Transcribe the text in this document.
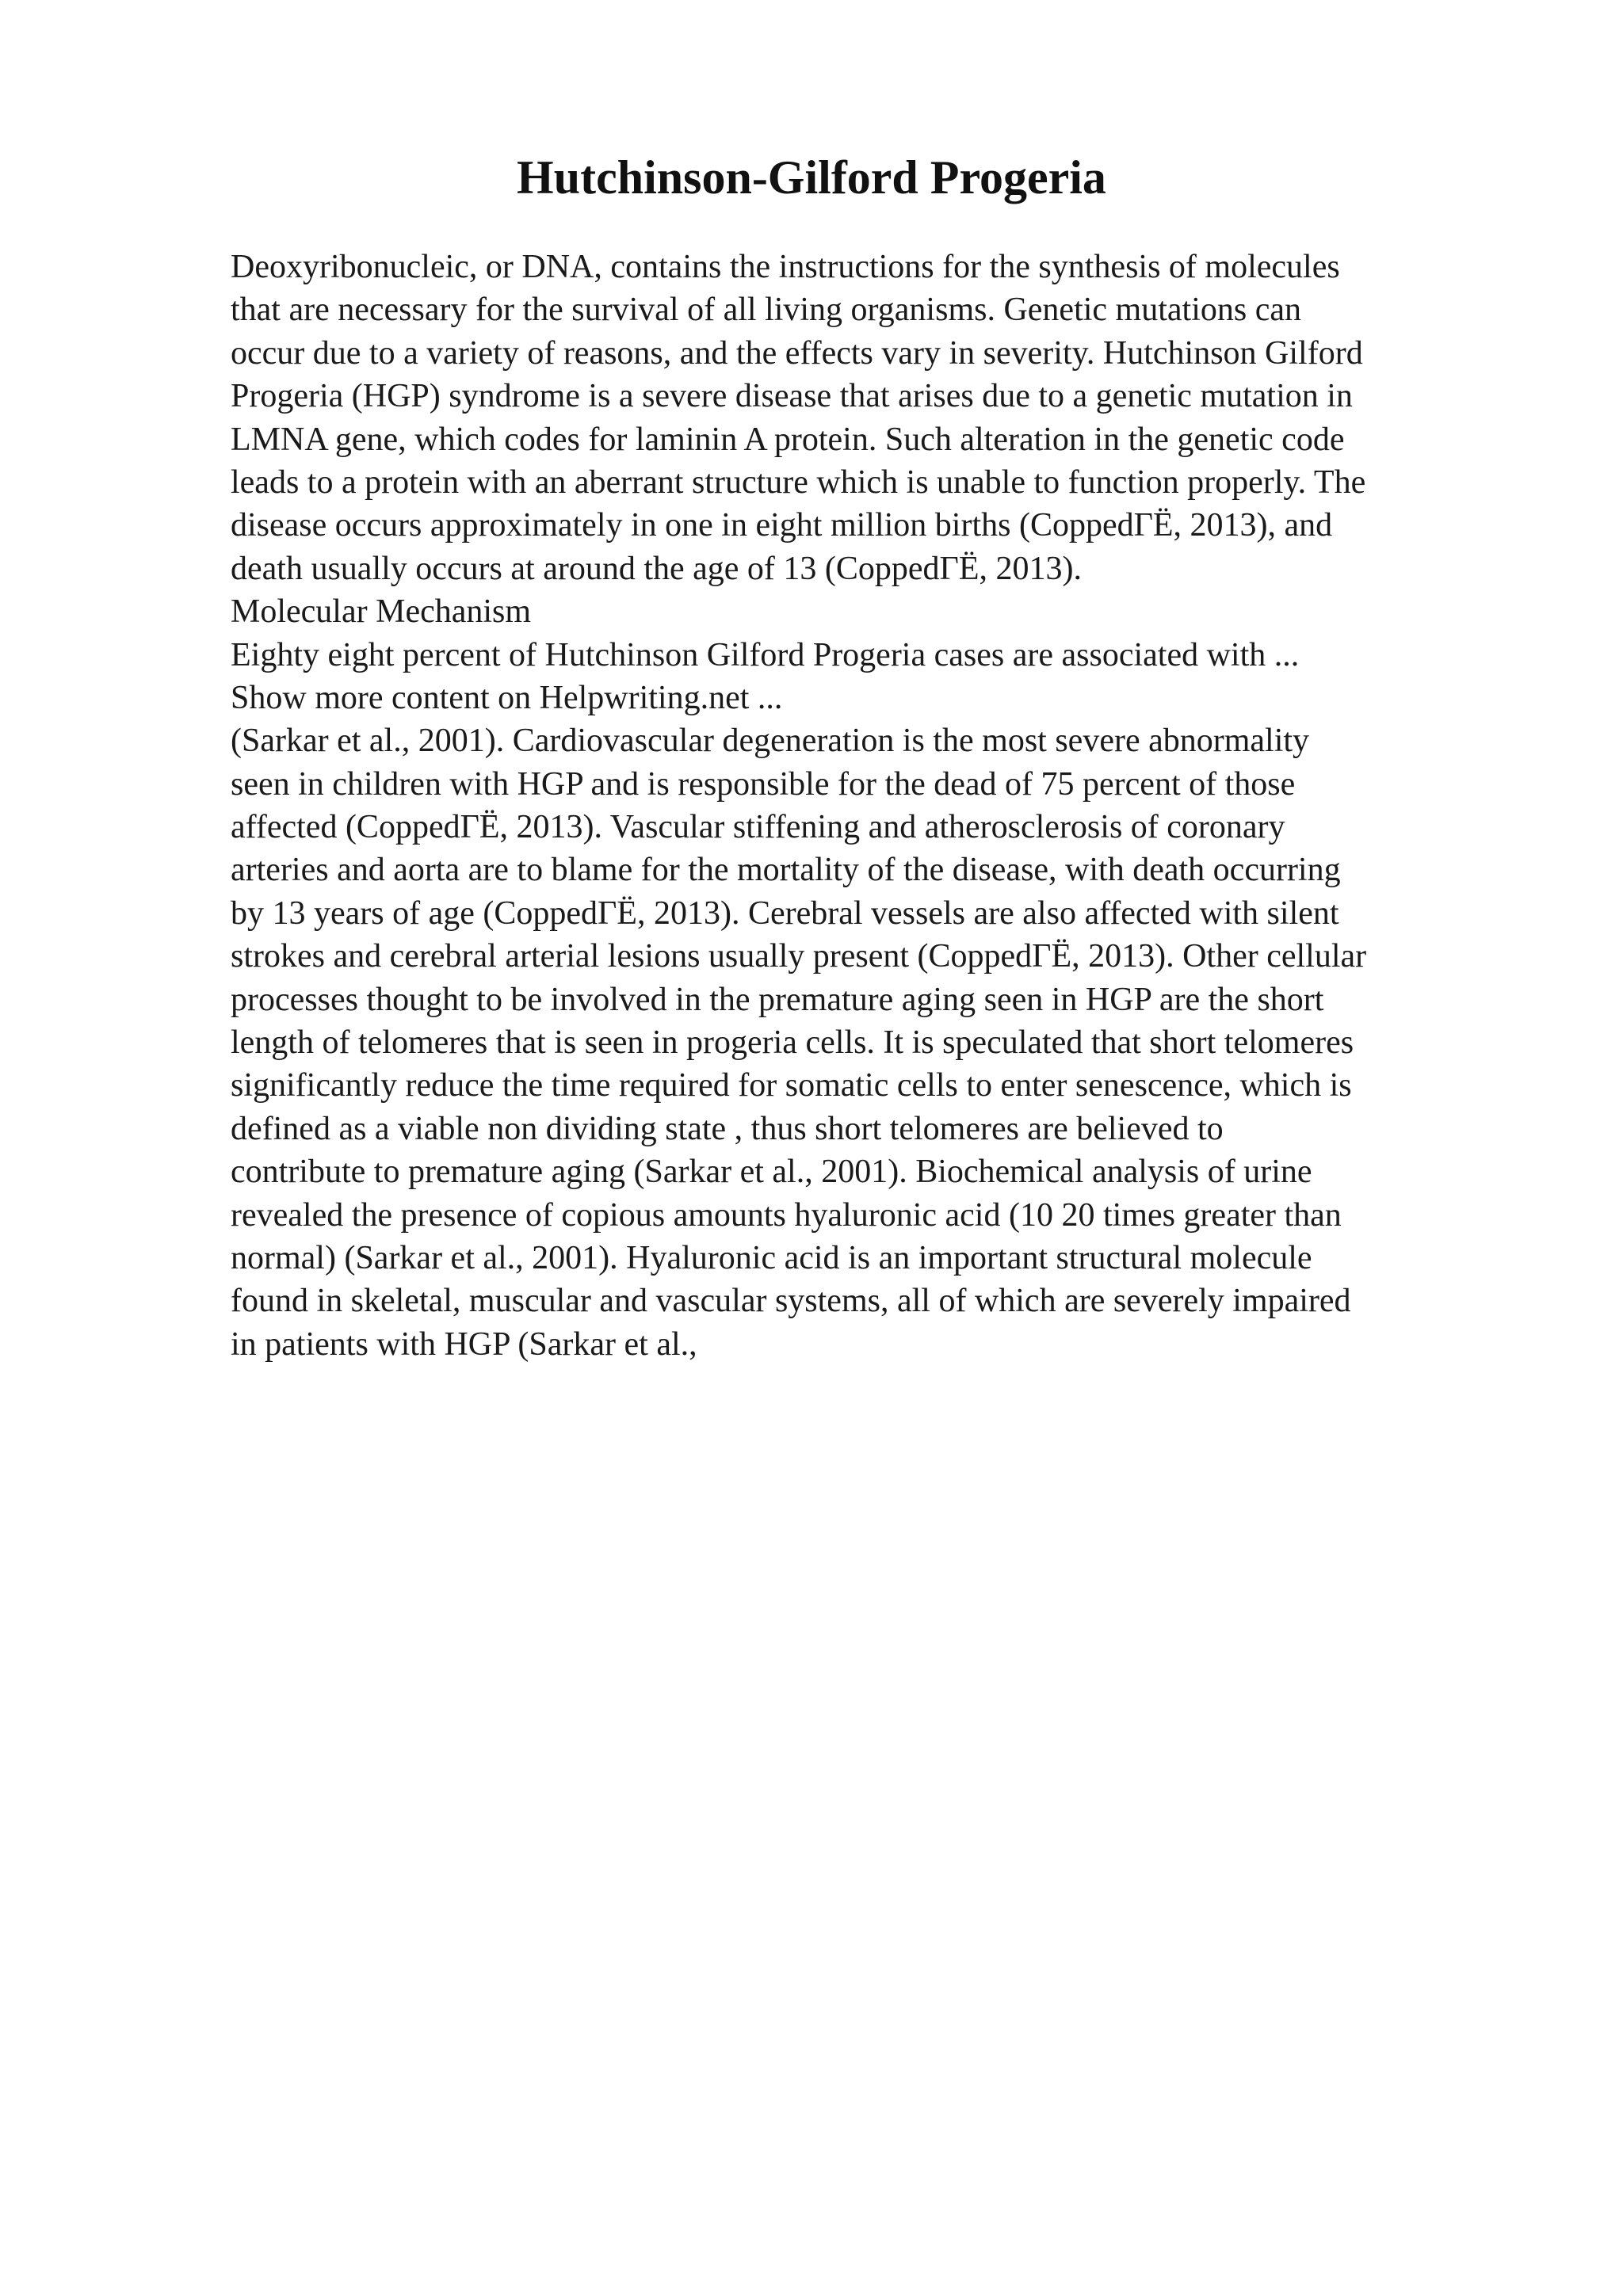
Hutchinson-Gilford Progeria
Deoxyribonucleic, or DNA, contains the instructions for the synthesis of molecules
that are necessary for the survival of all living organisms. Genetic mutations can
occur due to a variety of reasons, and the effects vary in severity. Hutchinson Gilford
Progeria (HGP) syndrome is a severe disease that arises due to a genetic mutation in
LMNA gene, which codes for laminin A protein. Such alteration in the genetic code
leads to a protein with an aberrant structure which is unable to function properly. The
disease occurs approximately in one in eight million births (CoppedГЁ, 2013), and
death usually occurs at around the age of 13 (CoppedГЁ, 2013).
Molecular Mechanism
Eighty eight percent of Hutchinson Gilford Progeria cases are associated with ...
Show more content on Helpwriting.net ...
(Sarkar et al., 2001). Cardiovascular degeneration is the most severe abnormality
seen in children with HGP and is responsible for the dead of 75 percent of those
affected (CoppedГЁ, 2013). Vascular stiffening and atherosclerosis of coronary
arteries and aorta are to blame for the mortality of the disease, with death occurring
by 13 years of age (CoppedГЁ, 2013). Cerebral vessels are also affected with silent
strokes and cerebral arterial lesions usually present (CoppedГЁ, 2013). Other cellular
processes thought to be involved in the premature aging seen in HGP are the short
length of telomeres that is seen in progeria cells. It is speculated that short telomeres
significantly reduce the time required for somatic cells to enter senescence, which is
defined as a viable non dividing state , thus short telomeres are believed to
contribute to premature aging (Sarkar et al., 2001). Biochemical analysis of urine
revealed the presence of copious amounts hyaluronic acid (10 20 times greater than
normal) (Sarkar et al., 2001). Hyaluronic acid is an important structural molecule
found in skeletal, muscular and vascular systems, all of which are severely impaired
in patients with HGP (Sarkar et al.,
